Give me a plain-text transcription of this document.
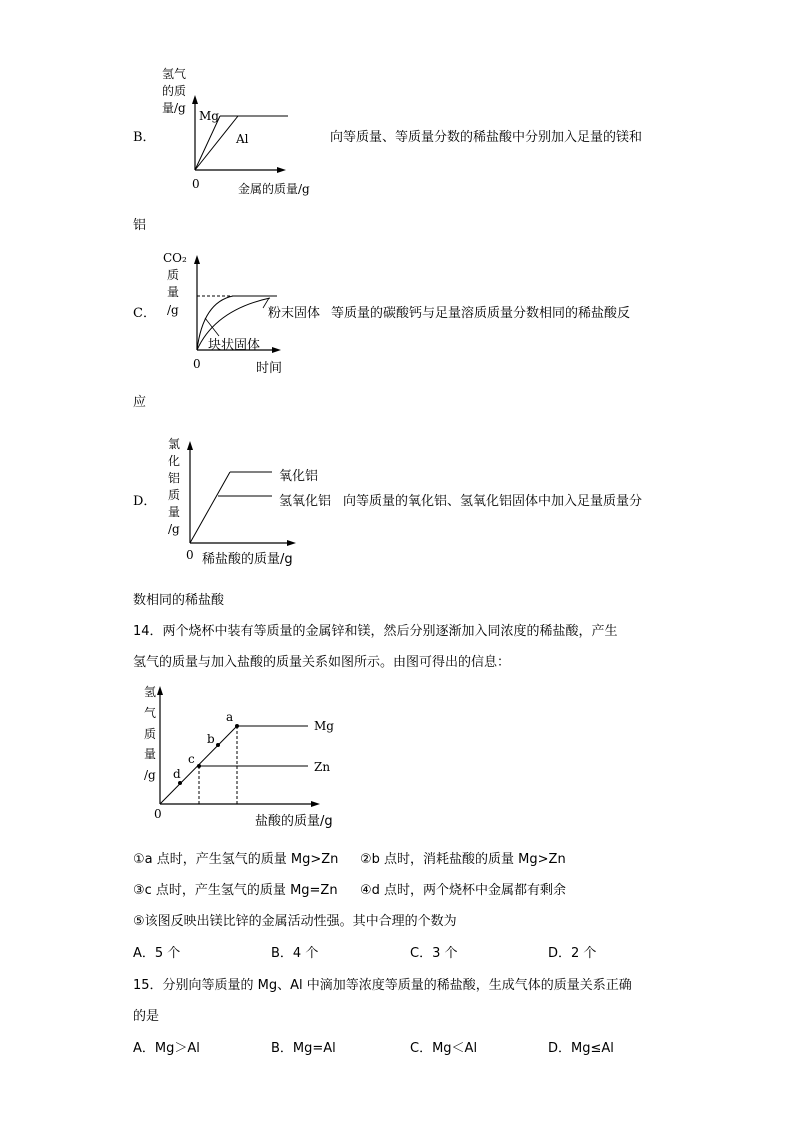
B．
氢气
的质
量/g
Mg
Al
0	金属的质量/g
向等质量、等质量分数的稀盐酸中分别加入足量的镁和
铝
C．
CO₂
质
量
/g
0
粉末固体
块状固体
时间
等质量的碳酸钙与足量溶质质量分数相同的稀盐酸反
应
D．
氯
化
铝
质
量
/g
0
氧化铝
氢氧化铝
稀盐酸的质量/g
向等质量的氧化铝、氢氧化铝固体中加入足量质量分
数相同的稀盐酸
14．两个烧杯中装有等质量的金属锌和镁，然后分别逐渐加入同浓度的稀盐酸，产生
氢气的质量与加入盐酸的质量关系如图所示。由图可得出的信息：
氢
气
质
量
/g
a
b
c
d
Mg
Zn
0	盐酸的质量/g
①a 点时，产生氢气的质量 Mg>Zn ②b 点时，消耗盐酸的质量 Mg>Zn
③c 点时，产生氢气的质量 Mg=Zn ④d 点时，两个烧杯中金属都有剩余
⑤该图反映出镁比锌的金属活动性强。其中合理的个数为
A．5 个	B．4 个	C．3 个	D．2 个
15．分别向等质量的 Mg、Al 中滴加等浓度等质量的稀盐酸，生成气体的质量关系正确
的是
A．Mg＞Al	B．Mg=Al	C．Mg＜Al	D．Mg≤Al
